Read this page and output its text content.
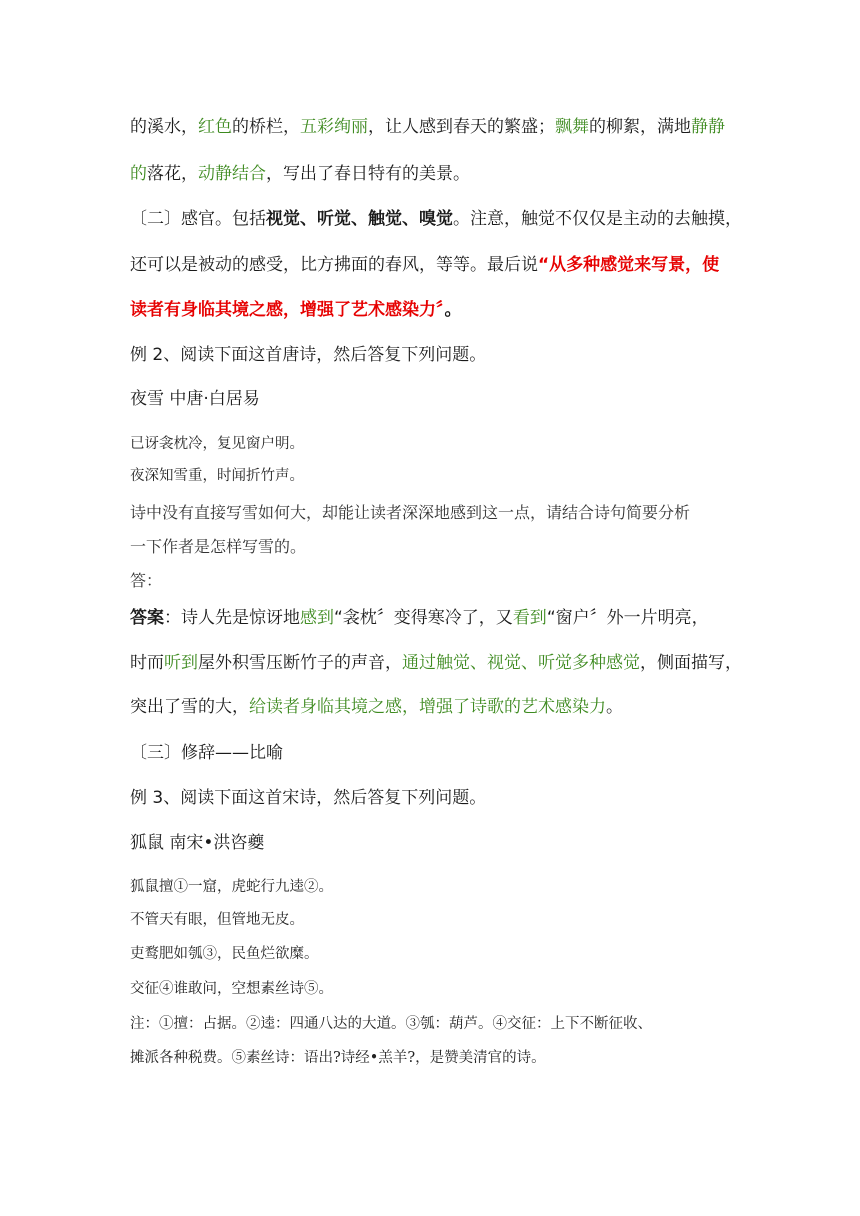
的溪水，红色的桥栏，五彩绚丽，让人感到春天的繁盛；飘舞的柳絮，满地静静
的落花，动静结合，写出了春日特有的美景。
〔二〕感官。包括视觉、听觉、触觉、嗅觉。注意，触觉不仅仅是主动的去触摸，
还可以是被动的感受，比方拂面的春风，等等。最后说“从多种感觉来写景，使
读者有身临其境之感，增强了艺术感染力〞。
例 2、阅读下面这首唐诗，然后答复下列问题。
夜雪 中唐·白居易
已讶衾枕冷，复见窗户明。
夜深知雪重，时闻折竹声。
诗中没有直接写雪如何大，却能让读者深深地感到这一点，请结合诗句简要分析
一下作者是怎样写雪的。
答：
答案：诗人先是惊讶地感到“衾枕〞变得寒冷了，又看到“窗户〞外一片明亮，
时而听到屋外积雪压断竹子的声音，通过触觉、视觉、听觉多种感觉，侧面描写，
突出了雪的大，给读者身临其境之感，增强了诗歌的艺术感染力。
〔三〕修辞——比喻
例 3、阅读下面这首宋诗，然后答复下列问题。
狐鼠 南宋•洪咨夔
狐鼠擅①一窟，虎蛇行九逵②。
不管天有眼，但管地无皮。
吏鹜肥如瓠③，民鱼烂欲糜。
交征④谁敢问，空想素丝诗⑤。
注：①擅：占据。②逵：四通八达的大道。③瓠：葫芦。④交征：上下不断征收、
摊派各种税费。⑤素丝诗：语出?诗经•羔羊?，是赞美清官的诗。
